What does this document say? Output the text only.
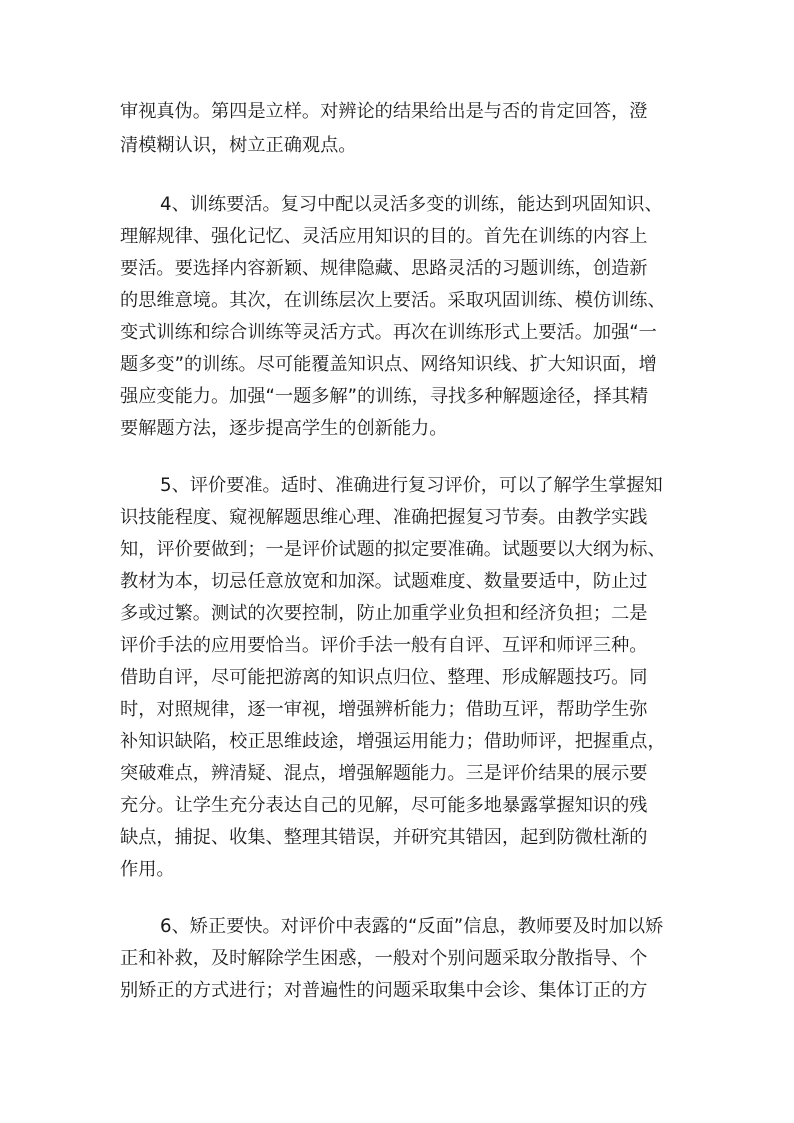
审视真伪。第四是立样。对辨论的结果给出是与否的肯定回答，澄
清模糊认识，树立正确观点。
4、训练要活。复习中配以灵活多变的训练，能达到巩固知识、
理解规律、强化记忆、灵活应用知识的目的。首先在训练的内容上
要活。要选择内容新颖、规律隐藏、思路灵活的习题训练，创造新
的思维意境。其次，在训练层次上要活。采取巩固训练、模仿训练、
变式训练和综合训练等灵活方式。再次在训练形式上要活。加强“一
题多变”的训练。尽可能覆盖知识点、网络知识线、扩大知识面，增
强应变能力。加强“一题多解”的训练，寻找多种解题途径，择其精
要解题方法，逐步提高学生的创新能力。
5、评价要准。适时、准确进行复习评价，可以了解学生掌握知
识技能程度、窥视解题思维心理、准确把握复习节奏。由教学实践
知，评价要做到；一是评价试题的拟定要准确。试题要以大纲为标、
教材为本，切忌任意放宽和加深。试题难度、数量要适中，防止过
多或过繁。测试的次要控制，防止加重学业负担和经济负担；二是
评价手法的应用要恰当。评价手法一般有自评、互评和师评三种。
借助自评，尽可能把游离的知识点归位、整理、形成解题技巧。同
时，对照规律，逐一审视，增强辨析能力；借助互评，帮助学生弥
补知识缺陷，校正思维歧途，增强运用能力；借助师评，把握重点，
突破难点，辨清疑、混点，增强解题能力。三是评价结果的展示要
充分。让学生充分表达自己的见解，尽可能多地暴露掌握知识的残
缺点，捕捉、收集、整理其错误，并研究其错因，起到防微杜渐的
作用。
6、矫正要快。对评价中表露的“反面”信息，教师要及时加以矫
正和补救，及时解除学生困惑，一般对个别问题采取分散指导、个
别矫正的方式进行；对普遍性的问题采取集中会诊、集体订正的方
